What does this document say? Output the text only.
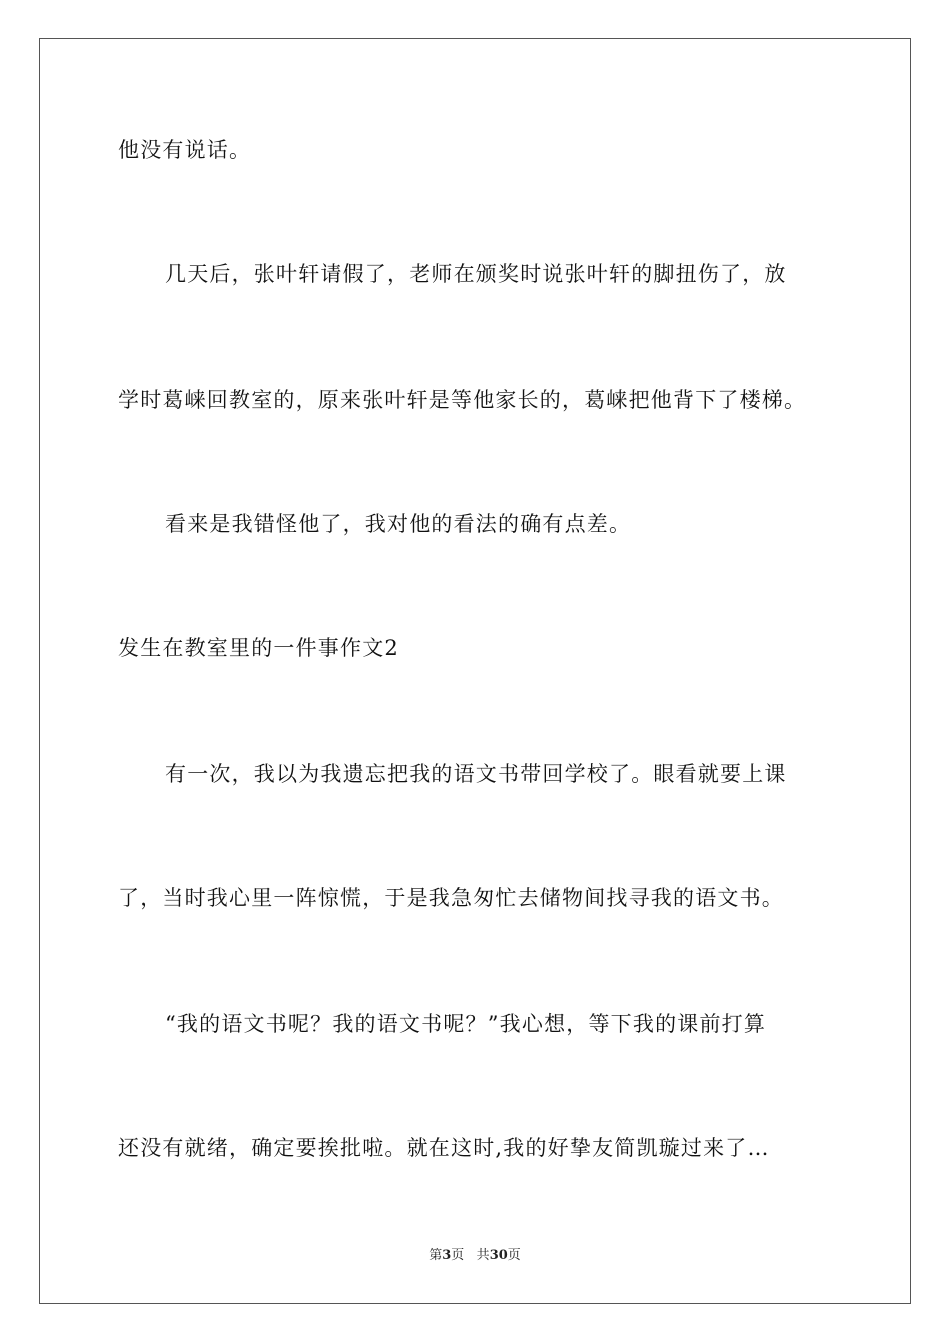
他没有说话。
几天后，张叶轩请假了，老师在颁奖时说张叶轩的脚扭伤了，放
学时葛崃回教室的，原来张叶轩是等他家长的，葛崃把他背下了楼梯。
看来是我错怪他了，我对他的看法的确有点差。
发生在教室里的一件事作文2
有一次，我以为我遗忘把我的语文书带回学校了。眼看就要上课
了，当时我心里一阵惊慌，于是我急匆忙去储物间找寻我的语文书。
“我的语文书呢？我的语文书呢？”我心想，等下我的课前打算
还没有就绪，确定要挨批啦。就在这时,我的好挚友简凯璇过来了…
第3页 共30页
